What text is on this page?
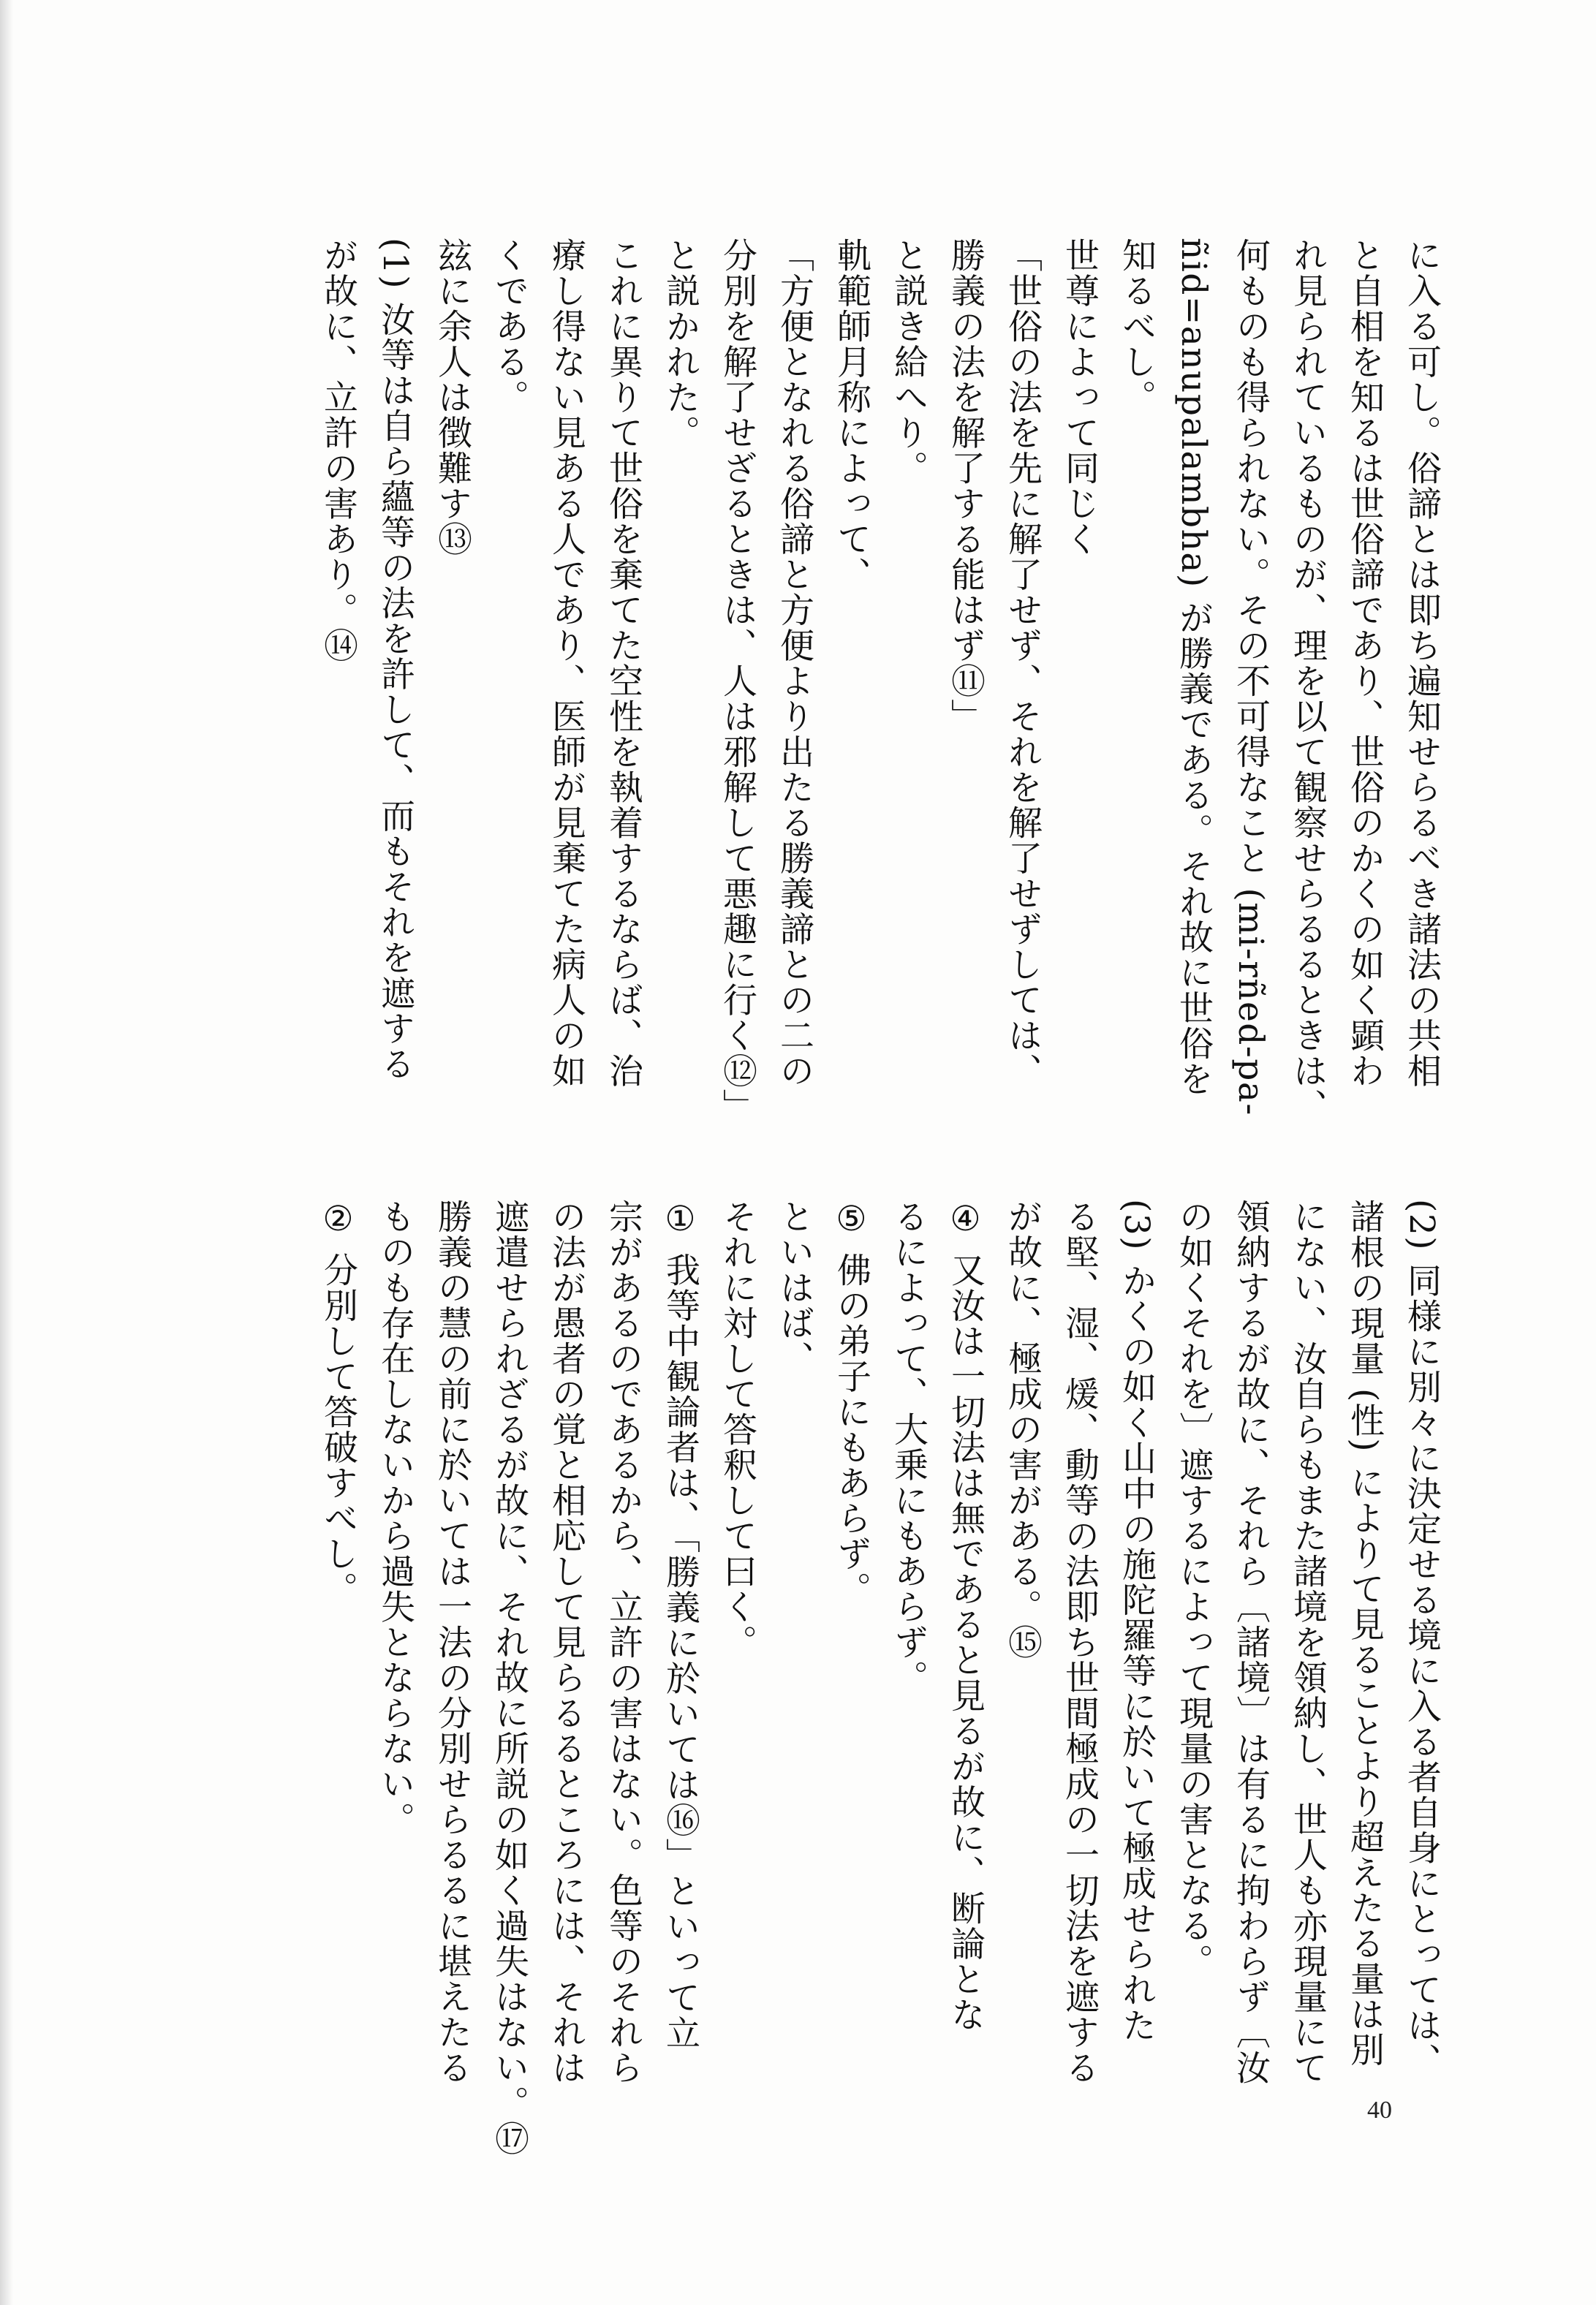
に入る可し。俗諦とは即ち遍知せらるべき諸法の共相

と自相を知るは世俗諦であり、世俗のかくの如く顕わ

れ見られているものが、理を以て観察せらるるときは、

何ものも得られない。その不可得なこと (mi-rñed-pa-

ñid=anupalambha) が勝義である。それ故に世俗を

知るべし。

世尊によって同じく

「世俗の法を先に解了せず、それを解了せずしては、

勝義の法を解了する能はず⑪」

と説き給へり。

軌範師月称によって、

「方便となれる俗諦と方便より出たる勝義諦との二の

分別を解了せざるときは、人は邪解して悪趣に行く⑫」

と説かれた。

これに異りて世俗を棄てた空性を執着するならば、治

療し得ない見ある人であり、医師が見棄てた病人の如

くである。

玆に余人は徴難す⑬

(1) 汝等は自ら蘊等の法を許して、而もそれを遮する

が故に、立許の害あり。⑭

(2) 同様に別々に決定せる境に入る者自身にとっては、

諸根の現量 (性) によりて見ることより超えたる量は別

にない、汝自らもまた諸境を領納し、世人も亦現量にて

領納するが故に、それら〔諸境〕は有るに拘わらず〔汝

の如くそれを〕遮するによって現量の害となる。

(3) かくの如く山中の施陀羅等に於いて極成せられた

る堅、湿、煖、動等の法即ち世間極成の一切法を遮する

が故に、極成の害がある。⑮

④ 又汝は一切法は無であると見るが故に、断論とな

るによって、大乗にもあらず。

⑤ 佛の弟子にもあらず。

といはば、

それに対して答釈して曰く。

① 我等中観論者は、「勝義に於いては⑯」といって立

宗があるのであるから、立許の害はない。色等のそれら

の法が愚者の覚と相応して見らるるところには、それは

遮遣せられざるが故に、それ故に所説の如く過失はない。⑰

勝義の慧の前に於いては一法の分別せらるるに堪えたる

ものも存在しないから過失とならない。

② 分別して答破すべし。

40
